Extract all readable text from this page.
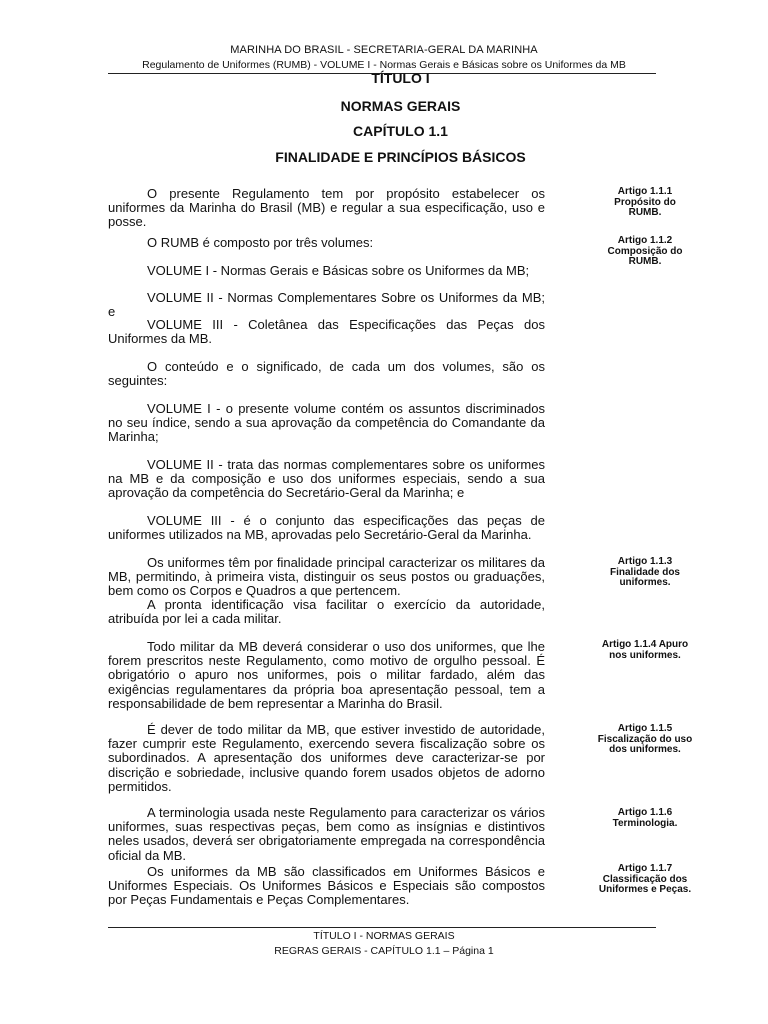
MARINHA DO BRASIL - SECRETARIA-GERAL DA MARINHA
Regulamento de Uniformes (RUMB) - VOLUME I - Normas Gerais e Básicas sobre os Uniformes da MB
TÍTULO I
NORMAS GERAIS
CAPÍTULO 1.1
FINALIDADE E PRINCÍPIOS BÁSICOS
O presente Regulamento tem por propósito estabelecer os uniformes da Marinha do Brasil (MB) e regular a sua especificação, uso e posse.
O RUMB é composto por três volumes:
VOLUME I - Normas Gerais e Básicas sobre os Uniformes da MB;
VOLUME II - Normas Complementares Sobre os Uniformes da MB; e
VOLUME III - Coletânea das Especificações das Peças dos Uniformes da MB.
O conteúdo e o significado, de cada um dos volumes, são os seguintes:
VOLUME I - o presente volume contém os assuntos discriminados no seu índice, sendo a sua aprovação da competência do Comandante da Marinha;
VOLUME II - trata das normas complementares sobre os uniformes na MB e da composição e uso dos uniformes especiais, sendo a sua aprovação da competência do Secretário-Geral da Marinha; e
VOLUME III - é o conjunto das especificações das peças de uniformes utilizados na MB, aprovadas pelo Secretário-Geral da Marinha.
Os uniformes têm por finalidade principal caracterizar os militares da MB, permitindo, à primeira vista, distinguir os seus postos ou graduações, bem como os Corpos e Quadros a que pertencem.
A pronta identificação visa facilitar o exercício da autoridade, atribuída por lei a cada militar.
Todo militar da MB deverá considerar o uso dos uniformes, que lhe forem prescritos neste Regulamento, como motivo de orgulho pessoal. É obrigatório o apuro nos uniformes, pois o militar fardado, além das exigências regulamentares da própria boa apresentação pessoal, tem a responsabilidade de bem representar a Marinha do Brasil.
É dever de todo militar da MB, que estiver investido de autoridade, fazer cumprir este Regulamento, exercendo severa fiscalização sobre os subordinados. A apresentação dos uniformes deve caracterizar-se por discrição e sobriedade, inclusive quando forem usados objetos de adorno permitidos.
A terminologia usada neste Regulamento para caracterizar os vários uniformes, suas respectivas peças, bem como as insígnias e distintivos neles usados, deverá ser obrigatoriamente empregada na correspondência oficial da MB.
Os uniformes da MB são classificados em Uniformes Básicos e Uniformes Especiais. Os Uniformes Básicos e Especiais são compostos por Peças Fundamentais e Peças Complementares.
Artigo 1.1.1 Propósito do RUMB.
Artigo 1.1.2 Composição do RUMB.
Artigo 1.1.3 Finalidade dos uniformes.
Artigo 1.1.4 Apuro nos uniformes.
Artigo 1.1.5 Fiscalização do uso dos uniformes.
Artigo 1.1.6 Terminologia.
Artigo 1.1.7 Classificação dos Uniformes e Peças.
TÍTULO I - NORMAS GERAIS
REGRAS GERAIS - CAPÍTULO 1.1 – Página 1
